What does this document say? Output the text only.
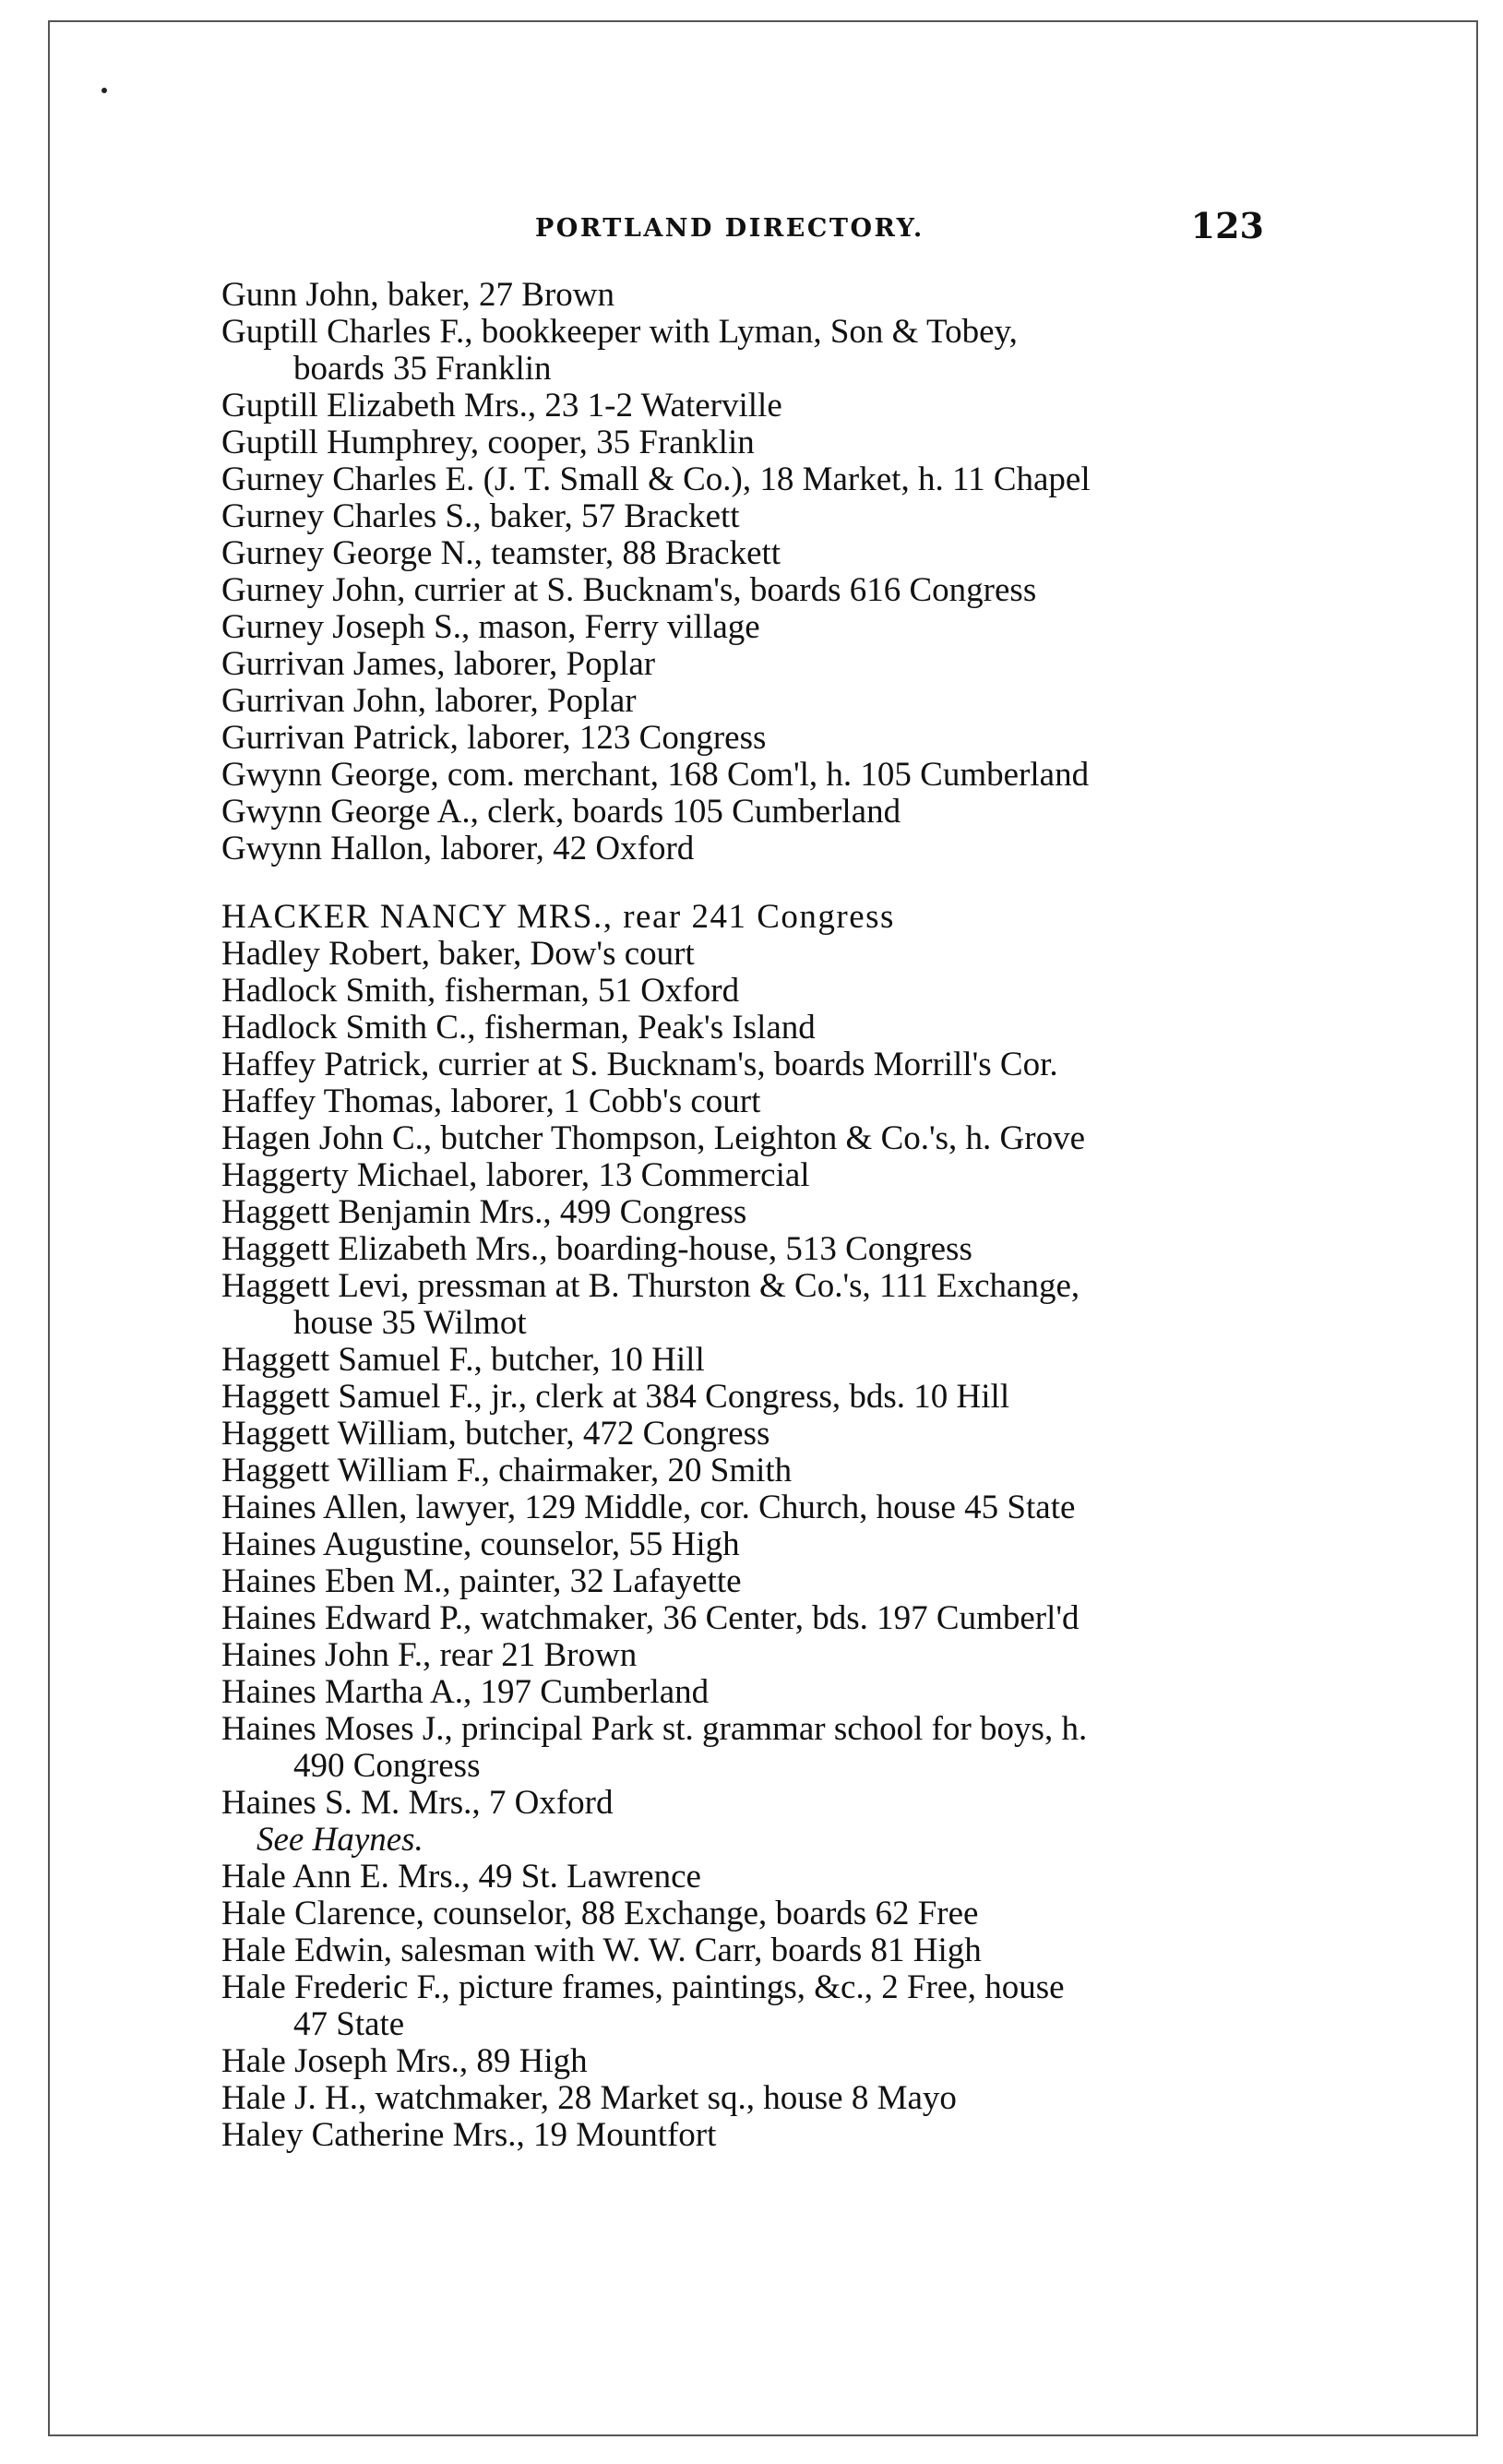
PORTLAND DIRECTORY.	123
Gunn John, baker, 27 Brown
Guptill Charles F., bookkeeper with Lyman, Son & Tobey,
boards 35 Franklin
Guptill Elizabeth Mrs., 23 1-2 Waterville
Guptill Humphrey, cooper, 35 Franklin
Gurney Charles E. (J. T. Small & Co.), 18 Market, h. 11 Chapel
Gurney Charles S., baker, 57 Brackett
Gurney George N., teamster, 88 Brackett
Gurney John, currier at S. Bucknam's, boards 616 Congress
Gurney Joseph S., mason, Ferry village
Gurrivan James, laborer, Poplar
Gurrivan John, laborer, Poplar
Gurrivan Patrick, laborer, 123 Congress
Gwynn George, com. merchant, 168 Com'l, h. 105 Cumberland
Gwynn George A., clerk, boards 105 Cumberland
Gwynn Hallon, laborer, 42 Oxford
HACKER NANCY MRS., rear 241 Congress
Hadley Robert, baker, Dow's court
Hadlock Smith, fisherman, 51 Oxford
Hadlock Smith C., fisherman, Peak's Island
Haffey Patrick, currier at S. Bucknam's, boards Morrill's Cor.
Haffey Thomas, laborer, 1 Cobb's court
Hagen John C., butcher Thompson, Leighton & Co.'s, h. Grove
Haggerty Michael, laborer, 13 Commercial
Haggett Benjamin Mrs., 499 Congress
Haggett Elizabeth Mrs., boarding-house, 513 Congress
Haggett Levi, pressman at B. Thurston & Co.'s, 111 Exchange,
house 35 Wilmot
Haggett Samuel F., butcher, 10 Hill
Haggett Samuel F., jr., clerk at 384 Congress, bds. 10 Hill
Haggett William, butcher, 472 Congress
Haggett William F., chairmaker, 20 Smith
Haines Allen, lawyer, 129 Middle, cor. Church, house 45 State
Haines Augustine, counselor, 55 High
Haines Eben M., painter, 32 Lafayette
Haines Edward P., watchmaker, 36 Center, bds. 197 Cumberl'd
Haines John F., rear 21 Brown
Haines Martha A., 197 Cumberland
Haines Moses J., principal Park st. grammar school for boys, h.
490 Congress
Haines S. M. Mrs., 7 Oxford
See Haynes.
Hale Ann E. Mrs., 49 St. Lawrence
Hale Clarence, counselor, 88 Exchange, boards 62 Free
Hale Edwin, salesman with W. W. Carr, boards 81 High
Hale Frederic F., picture frames, paintings, &c., 2 Free, house
47 State
Hale Joseph Mrs., 89 High
Hale J. H., watchmaker, 28 Market sq., house 8 Mayo
Haley Catherine Mrs., 19 Mountfort
